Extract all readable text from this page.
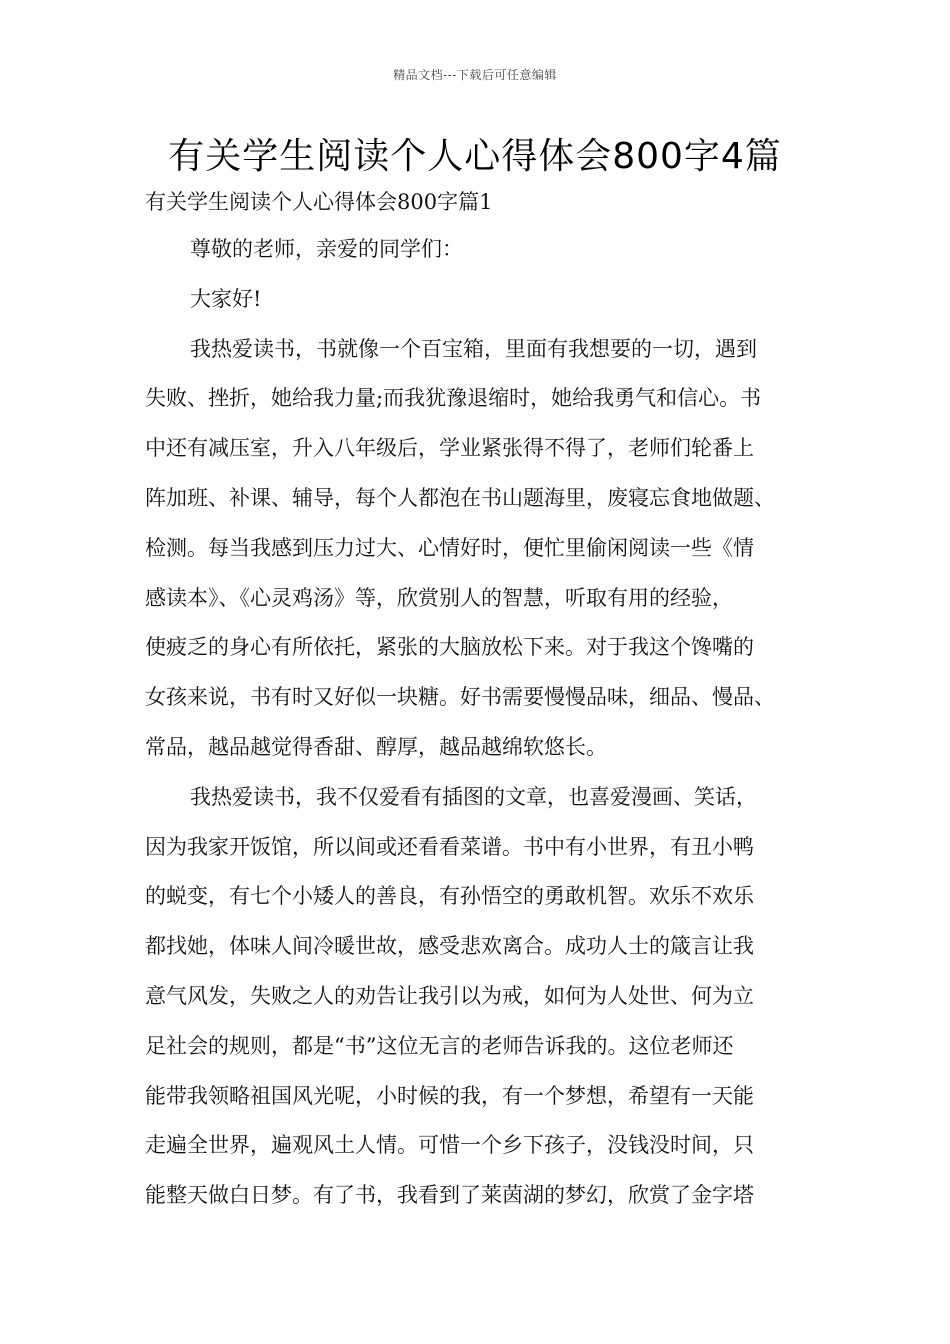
精品文档---下载后可任意编辑
有关学生阅读个人心得体会800字4篇
有关学生阅读个人心得体会800字篇1
尊敬的老师，亲爱的同学们：
大家好!
我热爱读书，书就像一个百宝箱，里面有我想要的一切，遇到
失败、挫折，她给我力量;而我犹豫退缩时，她给我勇气和信心。书
中还有减压室，升入八年级后，学业紧张得不得了，老师们轮番上
阵加班、补课、辅导，每个人都泡在书山题海里，废寝忘食地做题、
检测。每当我感到压力过大、心情好时，便忙里偷闲阅读一些《情
感读本》、《心灵鸡汤》等，欣赏别人的智慧，听取有用的经验，
使疲乏的身心有所依托，紧张的大脑放松下来。对于我这个馋嘴的
女孩来说，书有时又好似一块糖。好书需要慢慢品味，细品、慢品、
常品，越品越觉得香甜、醇厚，越品越绵软悠长。
我热爱读书，我不仅爱看有插图的文章，也喜爱漫画、笑话，
因为我家开饭馆，所以间或还看看菜谱。书中有小世界，有丑小鸭
的蜕变，有七个小矮人的善良，有孙悟空的勇敢机智。欢乐不欢乐
都找她，体味人间冷暖世故，感受悲欢离合。成功人士的箴言让我
意气风发，失败之人的劝告让我引以为戒，如何为人处世、何为立
足社会的规则，都是“书”这位无言的老师告诉我的。这位老师还
能带我领略祖国风光呢，小时候的我，有一个梦想，希望有一天能
走遍全世界，遍观风土人情。可惜一个乡下孩子，没钱没时间，只
能整天做白日梦。有了书，我看到了莱茵湖的梦幻，欣赏了金字塔
